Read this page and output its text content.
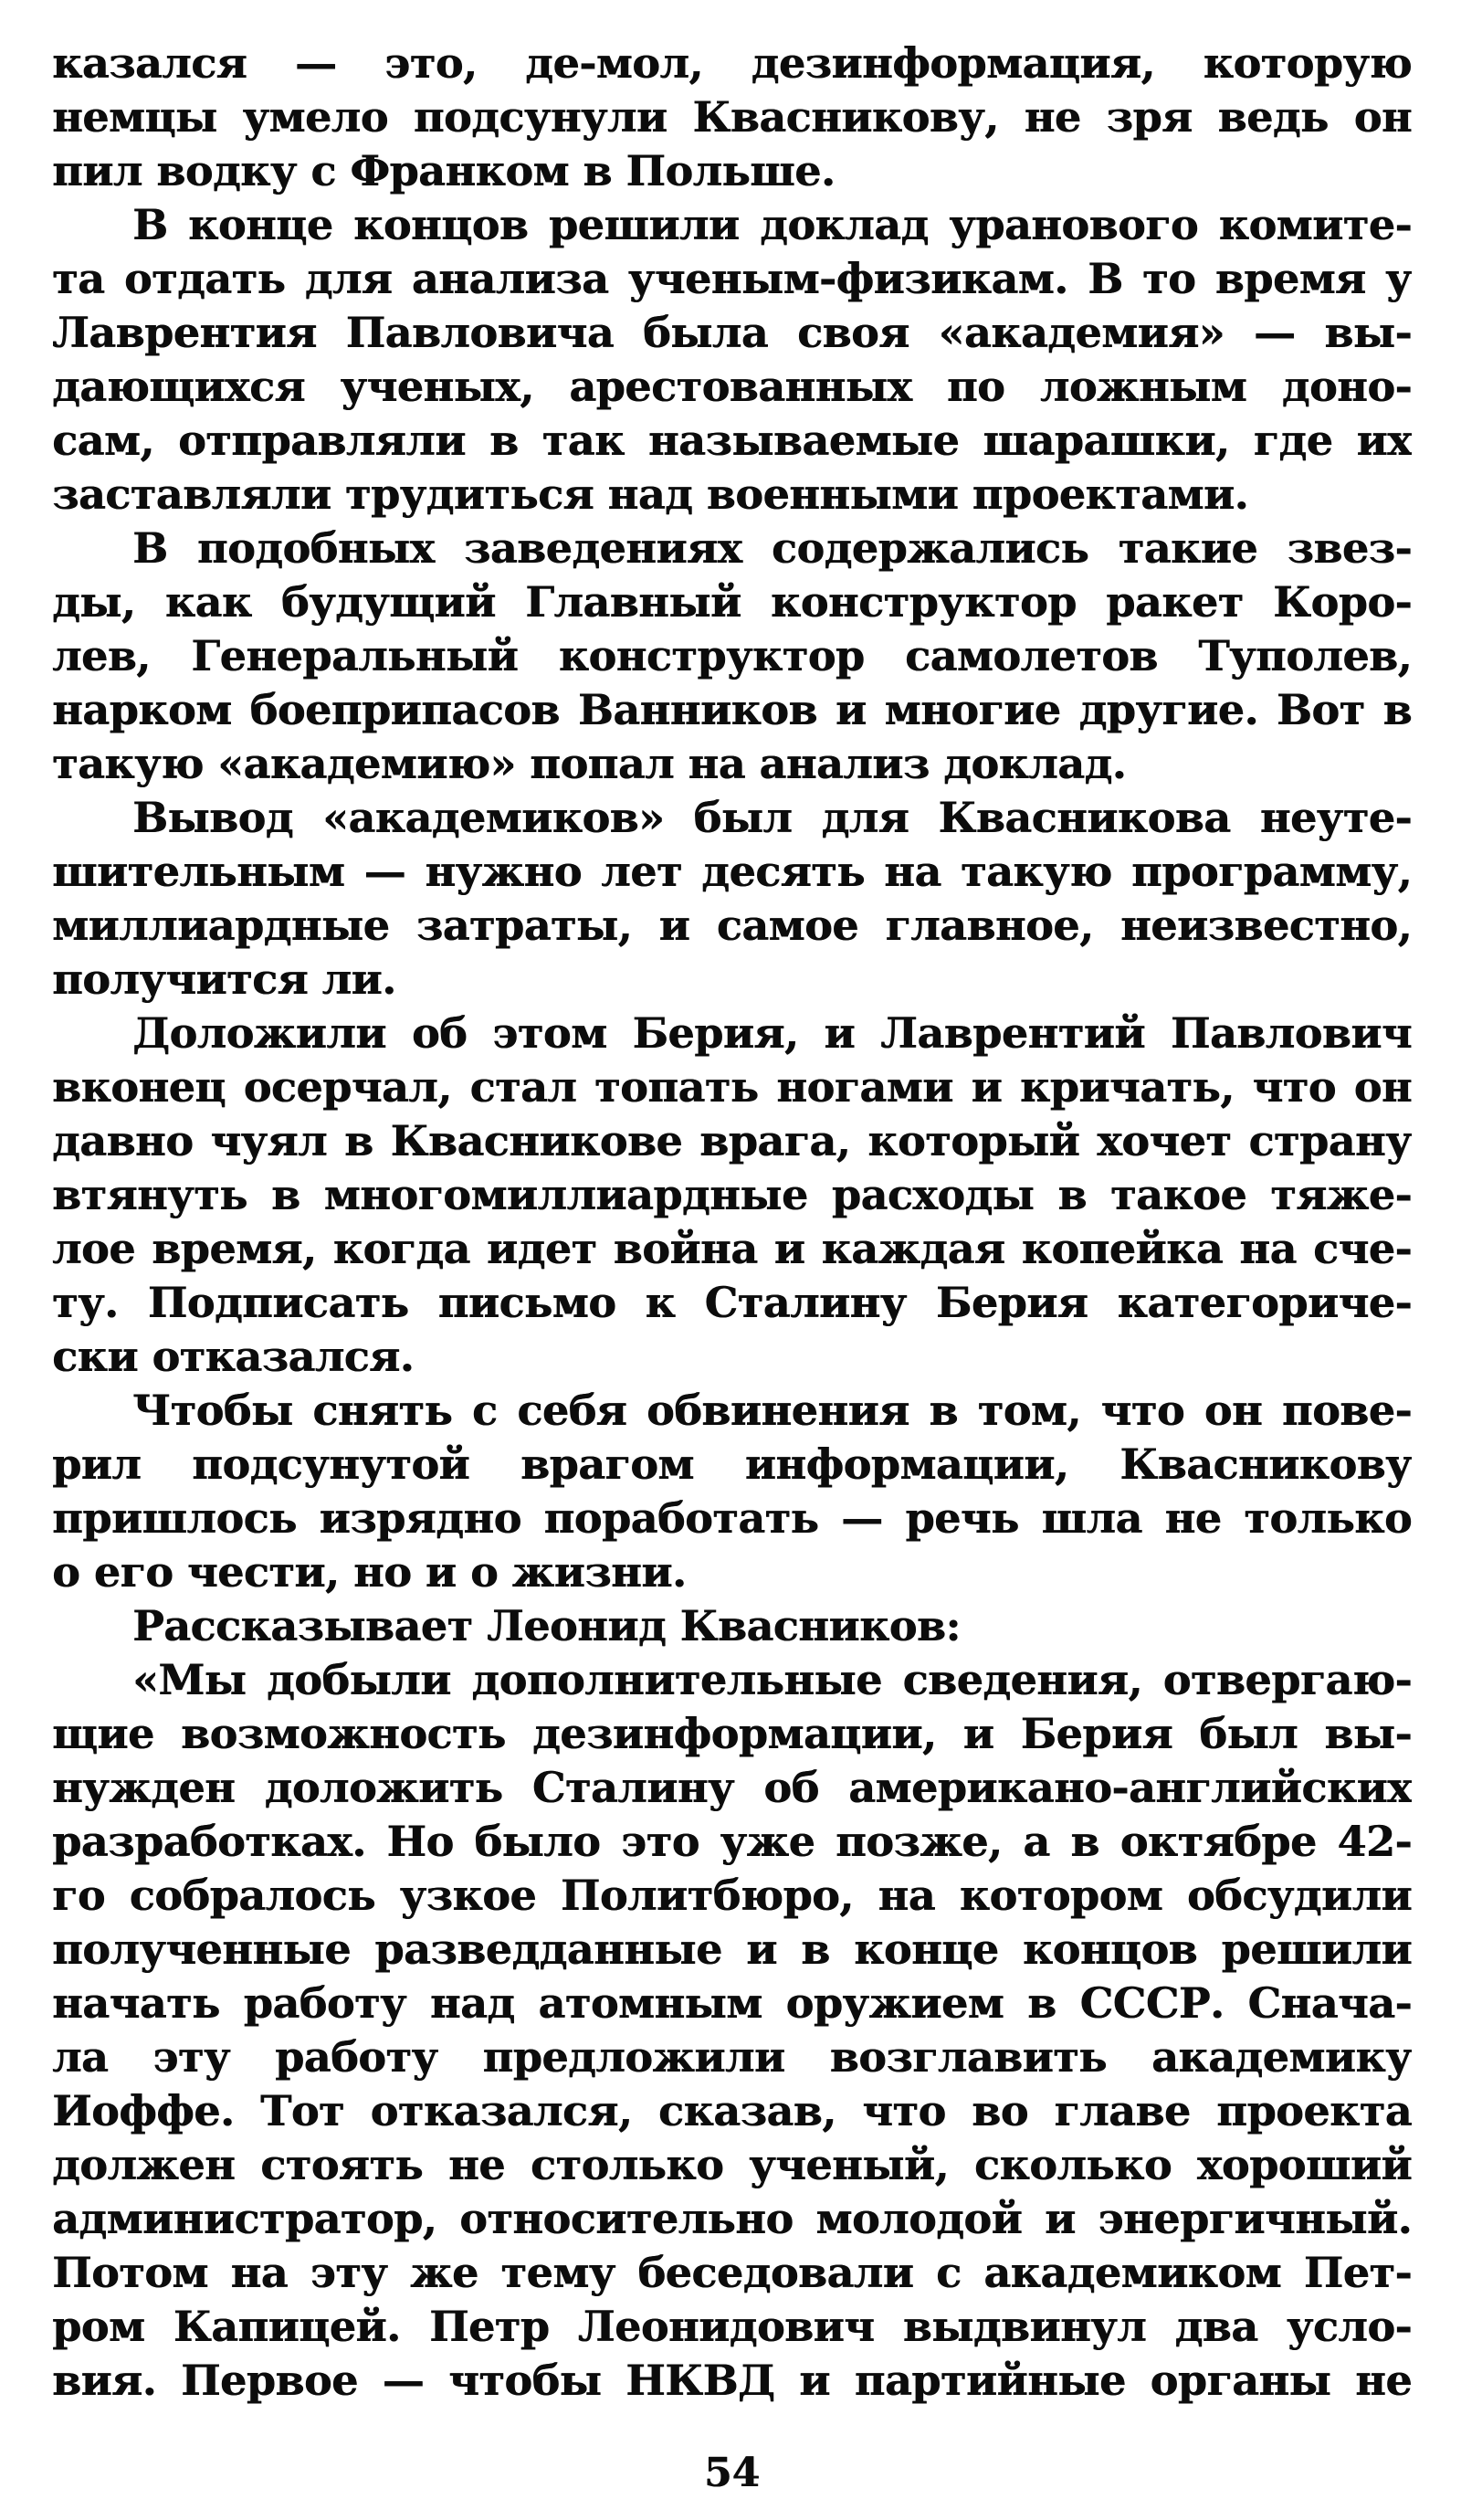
казался — это, де-мол, дезинформация, которую
немцы умело подсунули Квасникову, не зря ведь он
пил водку с Франком в Польше.
В конце концов решили доклад уранового комите-
та отдать для анализа ученым-физикам. В то время у
Лаврентия Павловича была своя «академия» — вы-
дающихся ученых, арестованных по ложным доно-
сам, отправляли в так называемые шарашки, где их
заставляли трудиться над военными проектами.
В подобных заведениях содержались такие звез-
ды, как будущий Главный конструктор ракет Коро-
лев, Генеральный конструктор самолетов Туполев,
нарком боеприпасов Ванников и многие другие. Вот в
такую «академию» попал на анализ доклад.
Вывод «академиков» был для Квасникова неуте-
шительным — нужно лет десять на такую программу,
миллиардные затраты, и самое главное, неизвестно,
получится ли.
Доложили об этом Берия, и Лаврентий Павлович
вконец осерчал, стал топать ногами и кричать, что он
давно чуял в Квасникове врага, который хочет страну
втянуть в многомиллиардные расходы в такое тяже-
лое время, когда идет война и каждая копейка на сче-
ту. Подписать письмо к Сталину Берия категориче-
ски отказался.
Чтобы снять с себя обвинения в том, что он пове-
рил подсунутой врагом информации, Квасникову
пришлось изрядно поработать — речь шла не только
о его чести, но и о жизни.
Рассказывает Леонид Квасников:
«Мы добыли дополнительные сведения, отвергаю-
щие возможность дезинформации, и Берия был вы-
нужден доложить Сталину об американо-английских
разработках. Но было это уже позже, а в октябре 42-
го собралось узкое Политбюро, на котором обсудили
полученные разведданные и в конце концов решили
начать работу над атомным оружием в СССР. Снача-
ла эту работу предложили возглавить академику
Иоффе. Тот отказался, сказав, что во главе проекта
должен стоять не столько ученый, сколько хороший
администратор, относительно молодой и энергичный.
Потом на эту же тему беседовали с академиком Пет-
ром Капицей. Петр Леонидович выдвинул два усло-
вия. Первое — чтобы НКВД и партийные органы не
54
